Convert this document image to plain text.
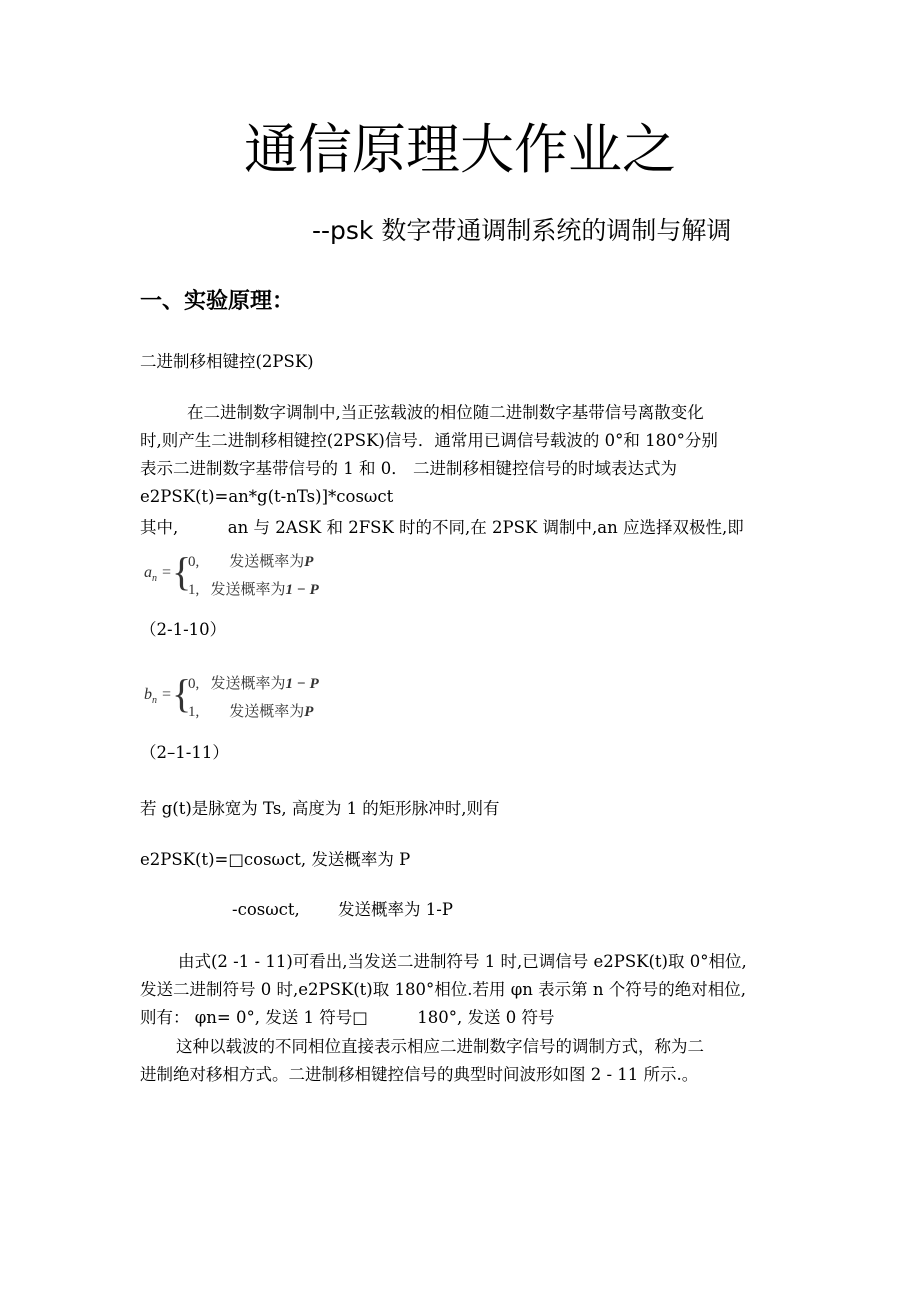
通信原理大作业之
--psk 数字带通调制系统的调制与解调
一、实验原理：
二进制移相键控(2PSK)
在二进制数字调制中,当正弦载波的相位随二进制数字基带信号离散变化
时,则产生二进制移相键控(2PSK)信号．通常用已调信号载波的 0°和 180°分别
表示二进制数字基带信号的 1 和 0． 二进制移相键控信号的时域表达式为
e2PSK(t)=an*g(t-nTs)]*cosωct
其中,　　　an 与 2ASK 和 2FSK 时的不同,在 2PSK 调制中,an 应选择双极性,即
$a_n$ = {
0, 发送概率为P
1, 发送概率为1 − P
（2-1-10）
$b_n$ = {
0, 发送概率为1 − P
1, 发送概率为P
（2–1-11）
若 g(t)是脉宽为 Ts, 高度为 1 的矩形脉冲时,则有
e2PSK(t)=□cosωct, 发送概率为 P
-cosωct,　　 发送概率为 1-P
由式(2 -1 - 11)可看出,当发送二进制符号 1 时,已调信号 e2PSK(t)取 0°相位,
发送二进制符号 0 时,e2PSK(t)取 180°相位.若用 φn 表示第 n 个符号的绝对相位,
则有： φn= 0°, 发送 1 符号□　　　180°, 发送 0 符号
这种以载波的不同相位直接表示相应二进制数字信号的调制方式，称为二
进制绝对移相方式。二进制移相键控信号的典型时间波形如图 2 - 11 所示.。
